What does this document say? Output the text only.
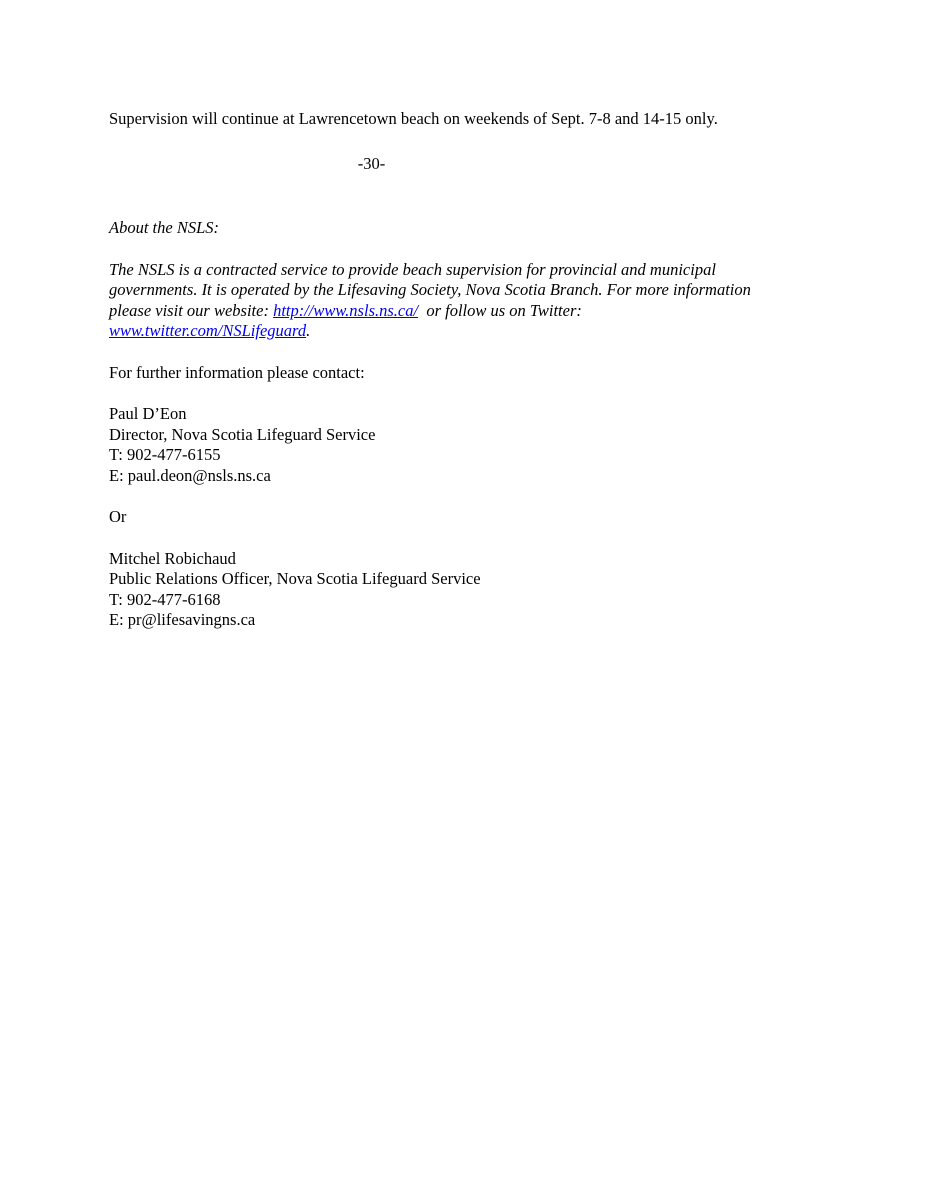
Supervision will continue at Lawrencetown beach on weekends of Sept. 7-8 and 14-15 only.

-30-

About the NSLS:

The NSLS is a contracted service to provide beach supervision for provincial and municipal

governments. It is operated by the Lifesaving Society, Nova Scotia Branch. For more information

please visit our website: http://www.nsls.ns.ca/  or follow us on Twitter:

www.twitter.com/NSLifeguard.

For further information please contact:

Paul D’Eon

Director, Nova Scotia Lifeguard Service

T: 902-477-6155

E: paul.deon@nsls.ns.ca

Or

Mitchel Robichaud

Public Relations Officer, Nova Scotia Lifeguard Service

T: 902-477-6168

E: pr@lifesavingns.ca
